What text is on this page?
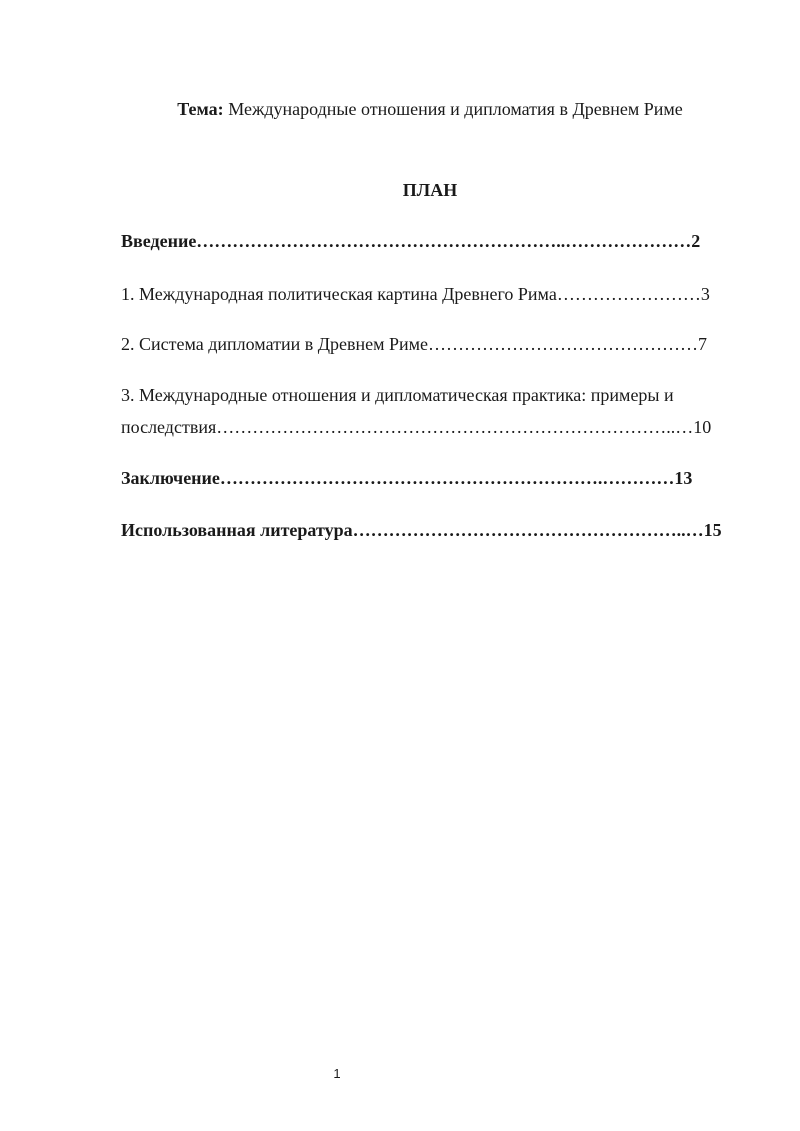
Тема: Международные отношения и дипломатия в Древнем Риме
ПЛАН
Введение……………………………………………………..…………………2
1. Международная политическая картина Древнего Рима……………………3
2. Система дипломатии в Древнем Риме………………………………………7
3. Международные отношения и дипломатическая практика: примеры и
последствия…………………………………………………………………..…10
Заключение……………………………………………………….…………13
Использованная литература………………………………………………..…15
1
